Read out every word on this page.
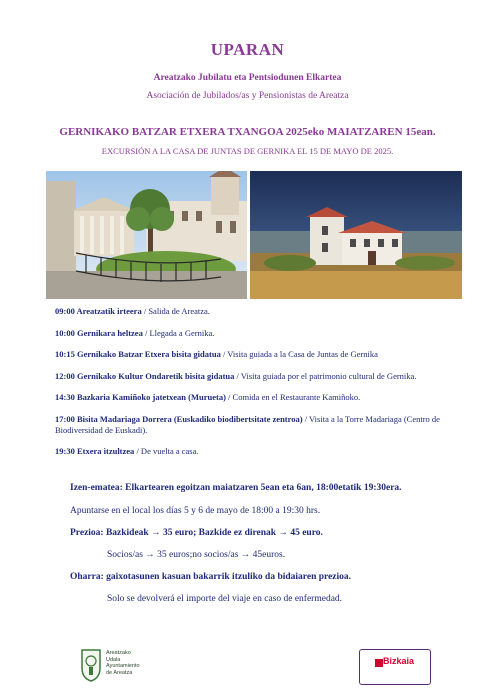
UPARAN
Areatzako Jubilatu eta Pentsiodunen Elkartea
Asociación de Jubilados/as y Pensionistas de Areatza
GERNIKAKO BATZAR ETXERA TXANGOA 2025eko MAIATZAREN 15ean.
EXCURSIÓN A LA CASA DE JUNTAS DE GERNIKA EL 15 DE MAYO DE 2025.
09:00 Areatzatik irteera / Salida de Areatza.
10:00 Gernikara heltzea / Llegada a Gernika.
10:15 Gernikako Batzar Etxera bisita gidatua / Visita guiada a la Casa de Juntas de Gernika
12:00 Gernikako Kultur Ondaretik bisita gidatua / Visita guiada por el patrimonio cultural de Gernika.
14:30 Bazkaria Kamiñoko jatetxean (Murueta) / Comida en el Restaurante Kamiñoko.
17:00 Bisita Madariaga Dorrera (Euskadiko biodibertsitate zentroa) / Visita a la Torre Madariaga (Centro de Biodiversidad de Euskadi).
19:30 Etxera itzultzea / De vuelta a casa.
Izen-ematea: Elkartearen egoitzan maiatzaren 5ean eta 6an, 18:00etatik 19:30era.
Apuntarse en el local los días 5 y 6 de mayo de 18:00 a 19:30 hrs.
Prezioa: Bazkideak → 35 euro; Bazkide ez direnak → 45 euro.
Socios/as → 35 euros;no socios/as → 45euros.
Oharra: gaixotasunen kasuan bakarrik itzuliko da bidaiaren prezioa.
Solo se devolverá el importe del viaje en caso de enfermedad.
Areatzako
Udala
Ayuntamiento
de Areatza
Bizkaia
